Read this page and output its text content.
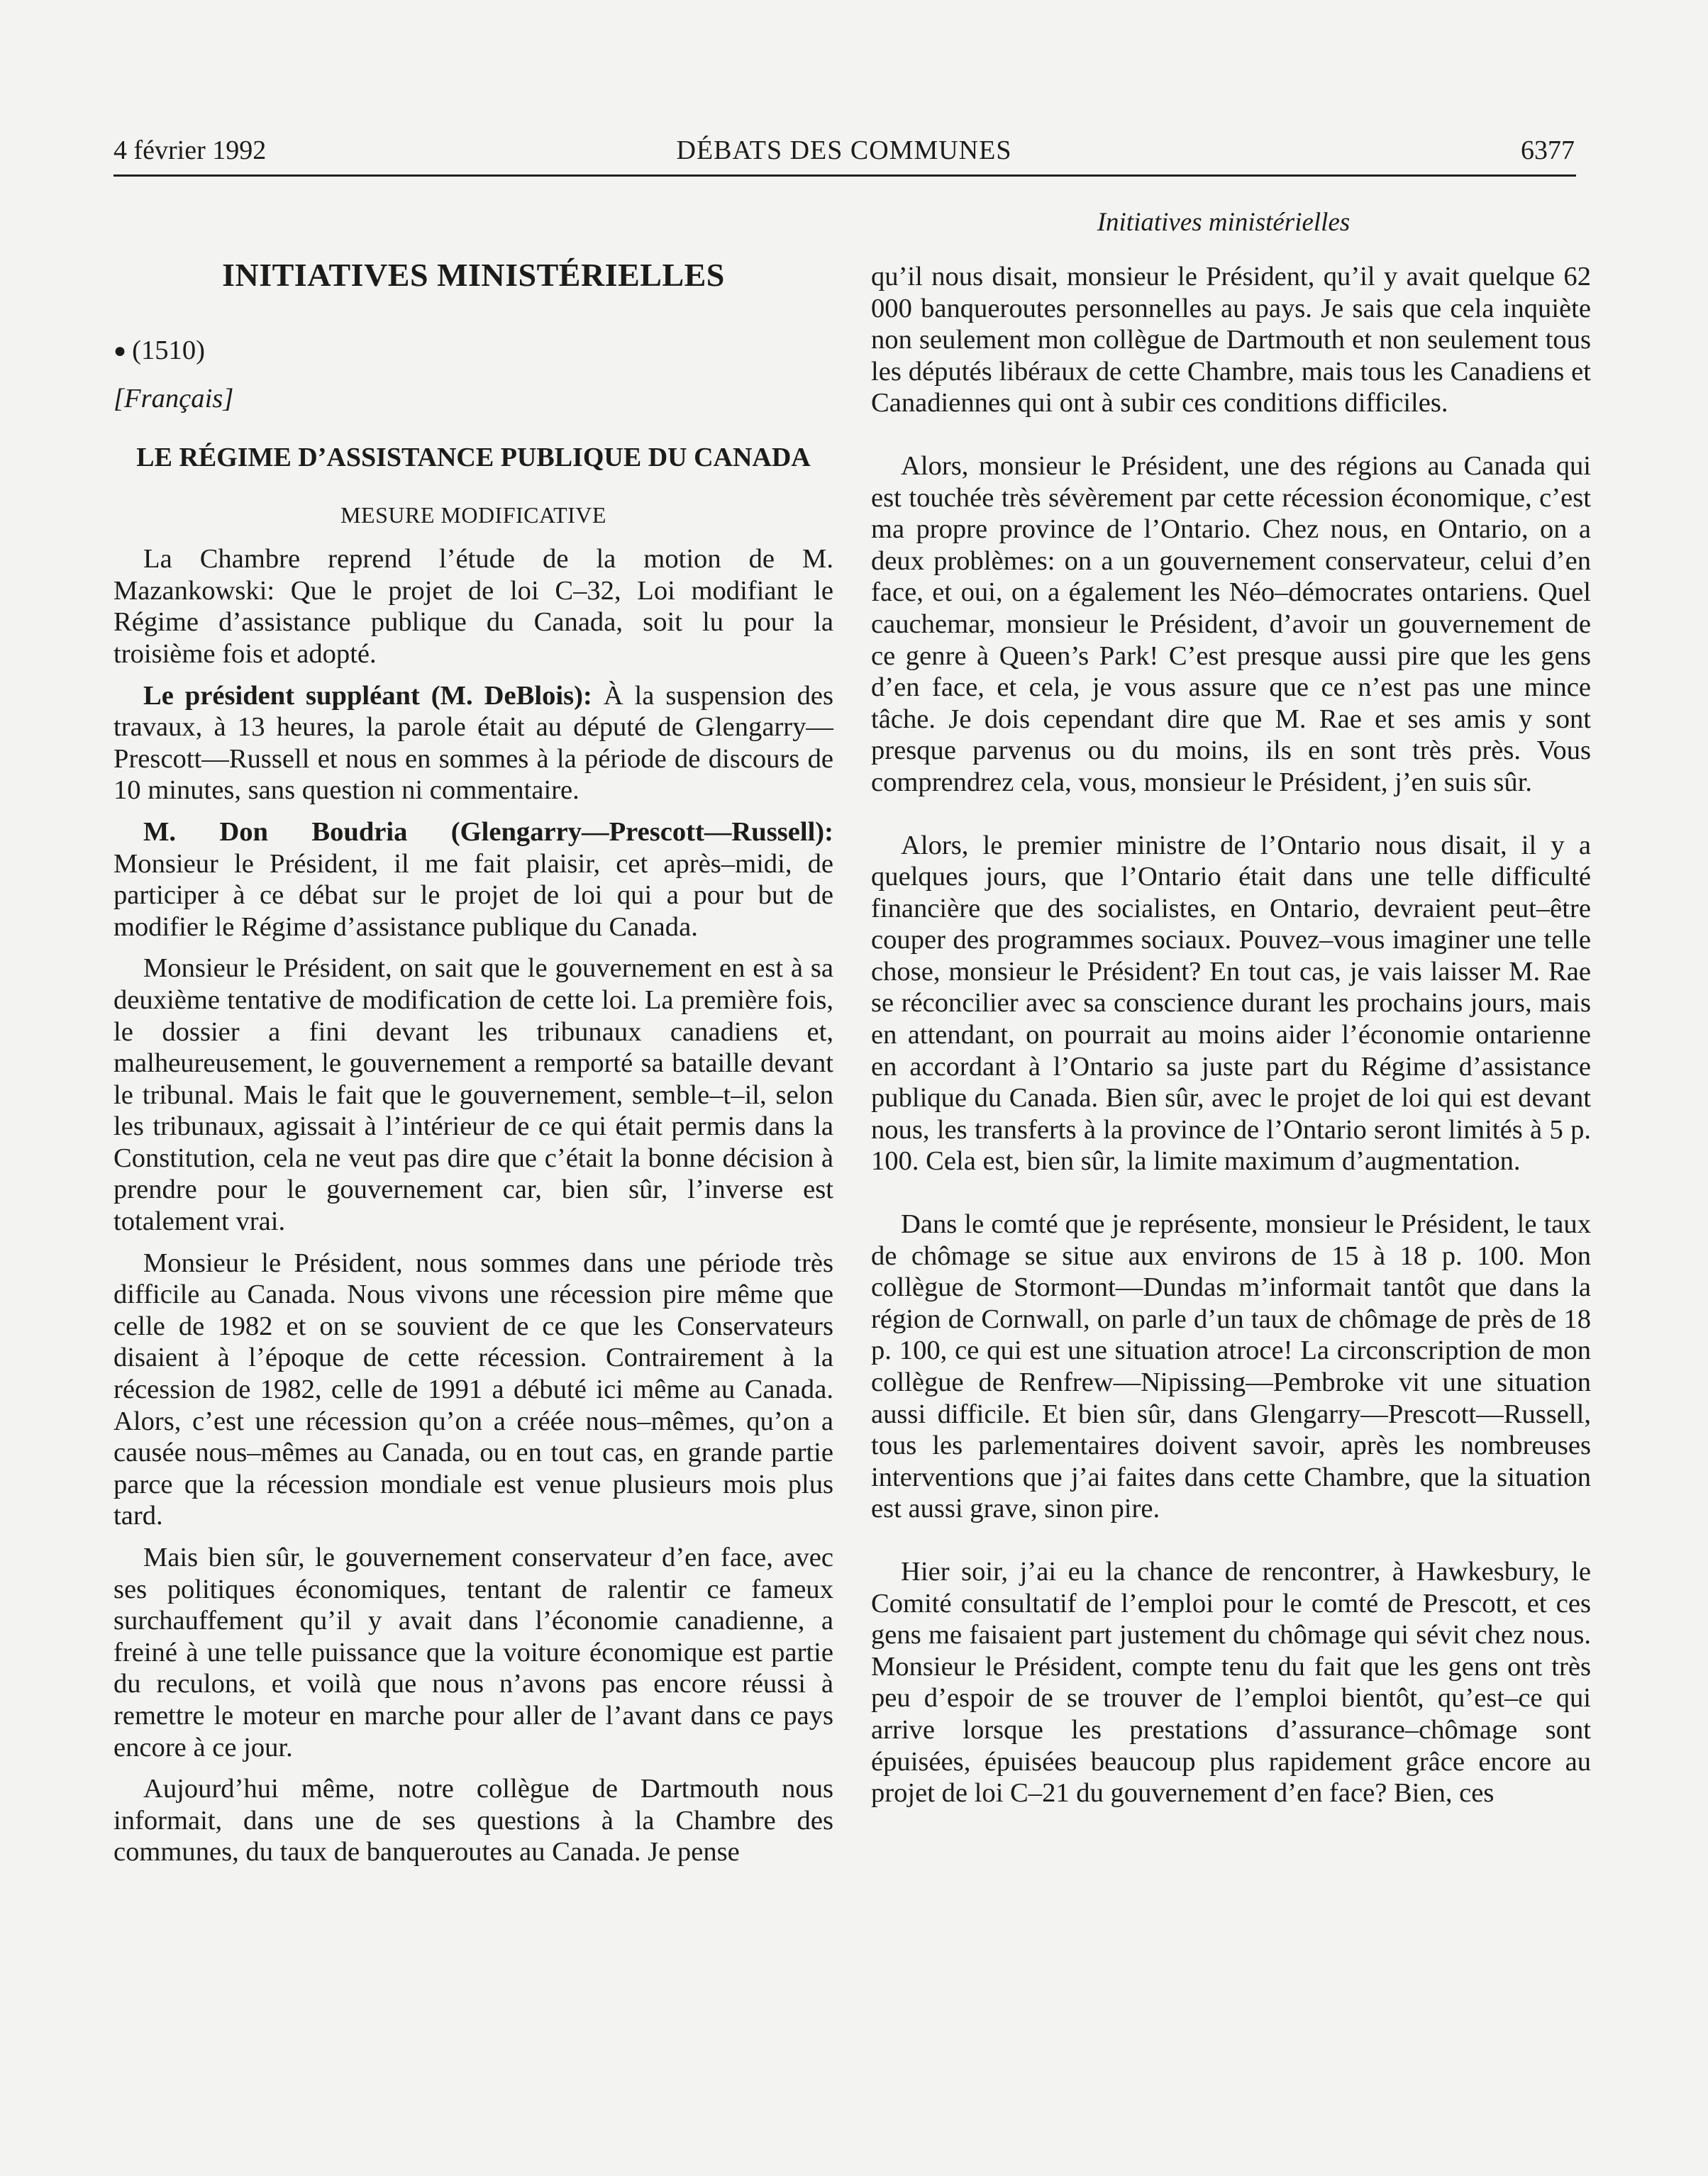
4 février 1992	DÉBATS DES COMMUNES	6377
Initiatives ministérielles
INITIATIVES MINISTÉRIELLES
● (1510)
[Français]
LE RÉGIME D’ASSISTANCE PUBLIQUE DU CANADA
MESURE MODIFICATIVE

La Chambre reprend l’étude de la motion de M. Mazankowski: Que le projet de loi C–32, Loi modifiant le Régime d’assistance publique du Canada, soit lu pour la troisième fois et adopté.

Le président suppléant (M. DeBlois): À la suspension des travaux, à 13 heures, la parole était au député de Glengarry—Prescott—Russell et nous en sommes à la période de discours de 10 minutes, sans question ni commentaire.

M. Don Boudria (Glengarry—Prescott—Russell): Monsieur le Président, il me fait plaisir, cet après–midi, de participer à ce débat sur le projet de loi qui a pour but de modifier le Régime d’assistance publique du Canada.

Monsieur le Président, on sait que le gouvernement en est à sa deuxième tentative de modification de cette loi. La première fois, le dossier a fini devant les tribunaux canadiens et, malheureusement, le gouvernement a remporté sa bataille devant le tribunal. Mais le fait que le gouvernement, semble–t–il, selon les tribunaux, agissait à l’intérieur de ce qui était permis dans la Constitution, cela ne veut pas dire que c’était la bonne décision à prendre pour le gouvernement car, bien sûr, l’inverse est totalement vrai.

Monsieur le Président, nous sommes dans une période très difficile au Canada. Nous vivons une récession pire même que celle de 1982 et on se souvient de ce que les Conservateurs disaient à l’époque de cette récession. Contrairement à la récession de 1982, celle de 1991 a débuté ici même au Canada. Alors, c’est une récession qu’on a créée nous–mêmes, qu’on a causée nous–mêmes au Canada, ou en tout cas, en grande partie parce que la récession mondiale est venue plusieurs mois plus tard.

Mais bien sûr, le gouvernement conservateur d’en face, avec ses politiques économiques, tentant de ralentir ce fameux surchauffement qu’il y avait dans l’économie canadienne, a freiné à une telle puissance que la voiture économique est partie du reculons, et voilà que nous n’avons pas encore réussi à remettre le moteur en marche pour aller de l’avant dans ce pays encore à ce jour.

Aujourd’hui même, notre collègue de Dartmouth nous informait, dans une de ses questions à la Chambre des communes, du taux de banqueroutes au Canada. Je pense

qu’il nous disait, monsieur le Président, qu’il y avait quelque 62 000 banqueroutes personnelles au pays. Je sais que cela inquiète non seulement mon collègue de Dartmouth et non seulement tous les députés libéraux de cette Chambre, mais tous les Canadiens et Canadiennes qui ont à subir ces conditions difficiles.

Alors, monsieur le Président, une des régions au Canada qui est touchée très sévèrement par cette récession économique, c’est ma propre province de l’Ontario. Chez nous, en Ontario, on a deux problèmes: on a un gouvernement conservateur, celui d’en face, et oui, on a également les Néo–démocrates ontariens. Quel cauchemar, monsieur le Président, d’avoir un gouvernement de ce genre à Queen’s Park! C’est presque aussi pire que les gens d’en face, et cela, je vous assure que ce n’est pas une mince tâche. Je dois cependant dire que M. Rae et ses amis y sont presque parvenus ou du moins, ils en sont très près. Vous comprendrez cela, vous, monsieur le Président, j’en suis sûr.

Alors, le premier ministre de l’Ontario nous disait, il y a quelques jours, que l’Ontario était dans une telle difficulté financière que des socialistes, en Ontario, devraient peut–être couper des programmes sociaux. Pouvez–vous imaginer une telle chose, monsieur le Président? En tout cas, je vais laisser M. Rae se réconcilier avec sa conscience durant les prochains jours, mais en attendant, on pourrait au moins aider l’économie ontarienne en accordant à l’Ontario sa juste part du Régime d’assistance publique du Canada. Bien sûr, avec le projet de loi qui est devant nous, les transferts à la province de l’Ontario seront limités à 5 p. 100. Cela est, bien sûr, la limite maximum d’augmentation.

Dans le comté que je représente, monsieur le Président, le taux de chômage se situe aux environs de 15 à 18 p. 100. Mon collègue de Stormont—Dundas m’informait tantôt que dans la région de Cornwall, on parle d’un taux de chômage de près de 18 p. 100, ce qui est une situation atroce! La circonscription de mon collègue de Renfrew—Nipissing—Pembroke vit une situation aussi difficile. Et bien sûr, dans Glengarry—Prescott—Russell, tous les parlementaires doivent savoir, après les nombreuses interventions que j’ai faites dans cette Chambre, que la situation est aussi grave, sinon pire.

Hier soir, j’ai eu la chance de rencontrer, à Hawkesbury, le Comité consultatif de l’emploi pour le comté de Prescott, et ces gens me faisaient part justement du chômage qui sévit chez nous. Monsieur le Président, compte tenu du fait que les gens ont très peu d’espoir de se trouver de l’emploi bientôt, qu’est–ce qui arrive lorsque les prestations d’assurance–chômage sont épuisées, épuisées beaucoup plus rapidement grâce encore au projet de loi C–21 du gouvernement d’en face? Bien, ces
